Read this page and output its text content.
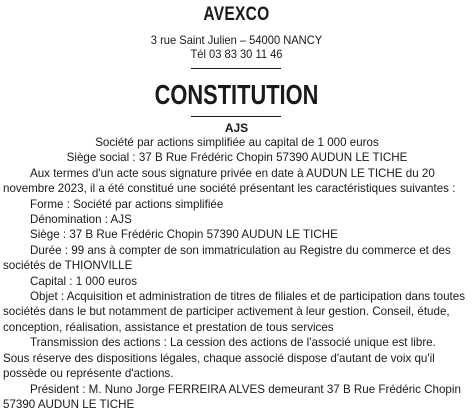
AVEXCO
3 rue Saint Julien – 54000 NANCY
Tél 03 83 30 11 46
CONSTITUTION
AJS

Société par actions simplifiée au capital de 1 000 euros

Siège social : 37 B Rue Frédéric Chopin 57390 AUDUN LE TICHE

Aux termes d'un acte sous signature privée en date à AUDUN LE TICHE du 20

novembre 2023, il a été constitué une société présentant les caractéristiques suivantes :

Forme : Société par actions simplifiée

Dénomination : AJS

Siège : 37 B Rue Frédéric Chopin 57390 AUDUN LE TICHE

Durée : 99 ans à compter de son immatriculation au Registre du commerce et des

sociétés de THIONVILLE

Capital : 1 000 euros

Objet : Acquisition et administration de titres de filiales et de participation dans toutes

sociétés dans le but notamment de participer activement à leur gestion. Conseil, étude,

conception, réalisation, assistance et prestation de tous services

Transmission des actions : La cession des actions de l'associé unique est libre.

Sous réserve des dispositions légales, chaque associé dispose d'autant de voix qu'il

possède ou représente d'actions.

Président : M. Nuno Jorge FERREIRA ALVES demeurant 37 B Rue Frédéric Chopin

57390 AUDUN LE TICHE
